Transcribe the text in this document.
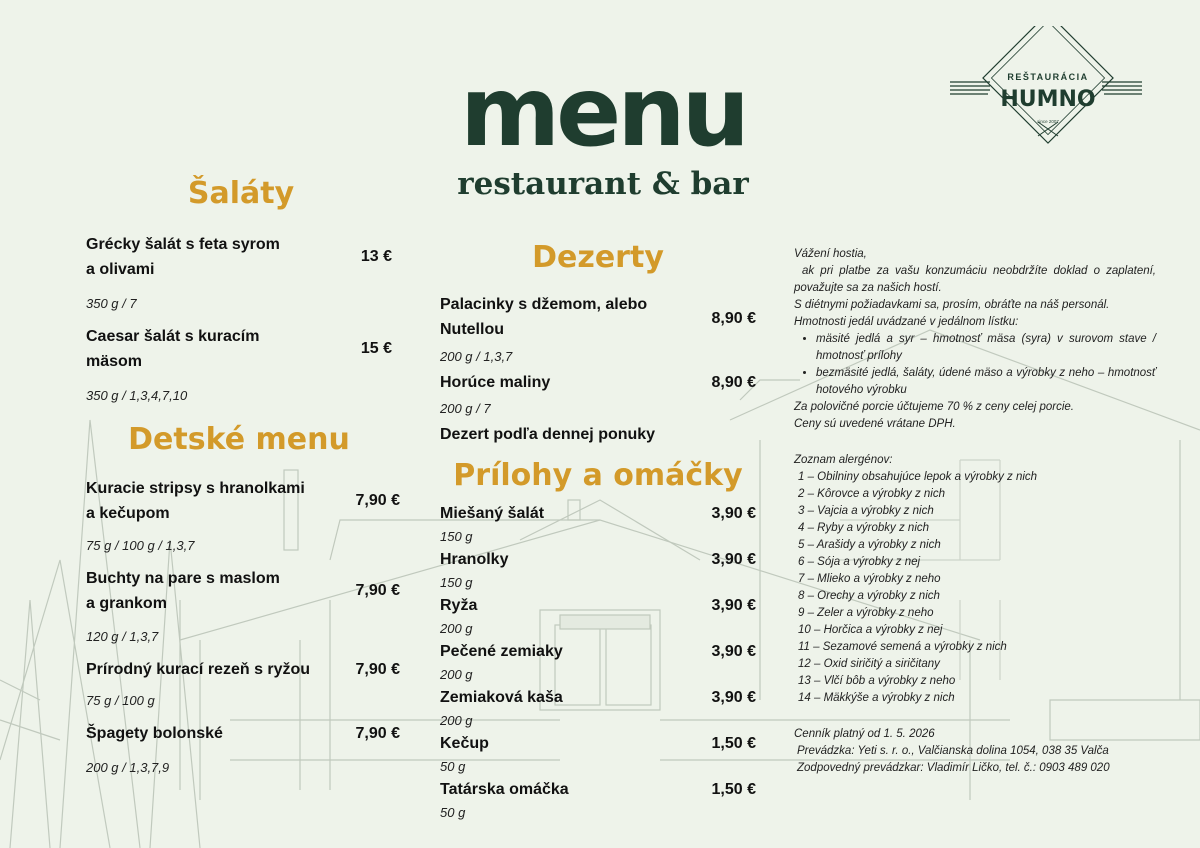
menu
restaurant & bar
REŠTAURÁCIA
HUMNO
since 2007
Šaláty
Grécky šalát s feta syrom
a olivami
13 €
350 g / 7
Caesar šalát s kuracím
mäsom
15 €
350 g / 1,3,4,7,10
Detské menu
Kuracie stripsy s hranolkami
a kečupom
7,90 €
75 g / 100 g / 1,3,7
Buchty na pare s maslom
a grankom
7,90 €
120 g / 1,3,7
Prírodný kurací rezeň s ryžou	7,90 €
75 g / 100 g
Špagety bolonské	7,90 €
200 g / 1,3,7,9
Dezerty
Palacinky s džemom, alebo
Nutellou
8,90 €
200 g / 1,3,7
Horúce maliny	8,90 €
200 g / 7
Dezert podľa dennej ponuky
Prílohy a omáčky
Miešaný šalát	3,90 €
150 g
Hranolky	3,90 €
150 g
Ryža	3,90 €
200 g
Pečené zemiaky	3,90 €
200 g
Zemiaková kaša	3,90 €
200 g
Kečup	1,50 €
50 g
Tatárska omáčka	1,50 €
50 g

Vážení hostia,

ak pri platbe za vašu konzumáciu neobdržíte doklad o zaplatení, považujte sa za našich hostí.

S diétnymi požiadavkami sa, prosím, obráťte na náš personál.

Hmotnosti jedál uvádzané v jedálnom lístku:

• mäsité jedlá a syr – hmotnosť mäsa (syra) v surovom stave / hmotnosť prílohy
• bezmäsité jedlá, šaláty, údené mäso a výrobky z neho – hmotnosť hotového výrobku

Za polovičné porcie účtujeme 70 % z ceny celej porcie.

Ceny sú uvedené vrátane DPH.

Zoznam alergénov:

1 – Obilniny obsahujúce lepok a výrobky z nich
2 – Kôrovce a výrobky z nich
3 – Vajcia a výrobky z nich
4 – Ryby a výrobky z nich
5 – Arašidy a výrobky z nich
6 – Sója a výrobky z nej
7 – Mlieko a výrobky z neho
8 – Orechy a výrobky z nich
9 – Zeler a výrobky z neho
10 – Horčica a výrobky z nej
11 – Sezamové semená a výrobky z nich
12 – Oxid siričitý a siričitany
13 – Vlčí bôb a výrobky z neho
14 – Mäkkýše a výrobky z nich

Cenník platný od 1. 5. 2026

Prevádzka: Yeti s. r. o., Valčianska dolina 1054, 038 35 Valča

Zodpovedný prevádzkar: Vladimír Ličko, tel. č.: 0903 489 020
